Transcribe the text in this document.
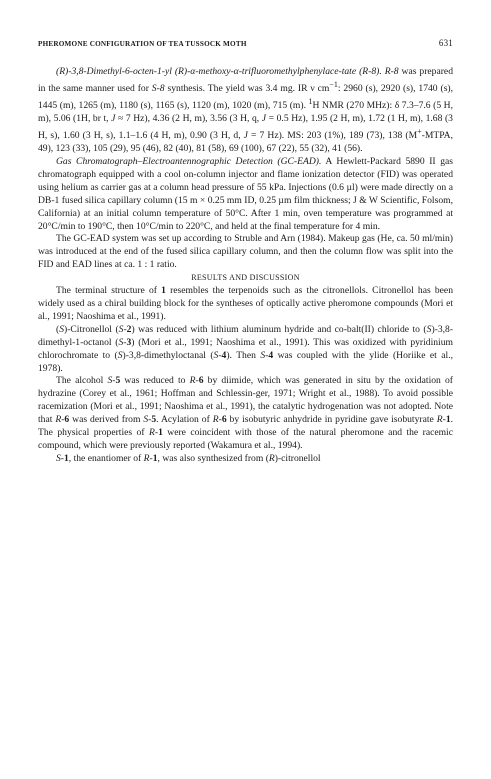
PHEROMONE CONFIGURATION OF TEA TUSSOCK MOTH	631

(R)-3,8-Dimethyl-6-octen-1-yl (R)-α-methoxy-α-trifluoromethylphenylace-tate (R-8). R-8 was prepared in the same manner used for S-8 synthesis. The yield was 3.4 mg. IR ν $cm^{-1}$: 2960 (s), 2920 (s), 1740 (s), 1445 (m), 1265 (m), 1180 (s), 1165 (s), 1120 (m), 1020 (m), 715 (m). $^1$H NMR (270 MHz): δ 7.3–7.6 (5 H, m), 5.06 (1H, br t, J ≈ 7 Hz), 4.36 (2 H, m), 3.56 (3 H, q, J = 0.5 Hz), 1.95 (2 H, m), 1.72 (1 H, m), 1.68 (3 H, s), 1.60 (3 H, s), 1.1–1.6 (4 H, m), 0.90 (3 H, d, J = 7 Hz). MS: 203 (1%), 189 (73), 138 (M+-MTPA, 49), 123 (33), 105 (29), 95 (46), 82 (40), 81 (58), 69 (100), 67 (22), 55 (32), 41 (56).

Gas Chromatograph–Electroantennographic Detection (GC-EAD). A Hewlett-Packard 5890 II gas chromatograph equipped with a cool on-column injector and flame ionization detector (FID) was operated using helium as carrier gas at a column head pressure of 55 kPa. Injections (0.6 µl) were made directly on a DB-1 fused silica capillary column (15 m × 0.25 mm ID, 0.25 µm film thickness; J & W Scientific, Folsom, California) at an initial column temperature of 50°C. After 1 min, oven temperature was programmed at 20°C/min to 190°C, then 10°C/min to 220°C, and held at the final temperature for 4 min.

The GC-EAD system was set up according to Struble and Arn (1984). Makeup gas (He, ca. 50 ml/min) was introduced at the end of the fused silica capillary column, and then the column flow was split into the FID and EAD lines at ca. 1 : 1 ratio.

RESULTS AND DISCUSSION

The terminal structure of 1 resembles the terpenoids such as the citronellols. Citronellol has been widely used as a chiral building block for the syntheses of optically active pheromone compounds (Mori et al., 1991; Naoshima et al., 1991).

(S)-Citronellol (S-2) was reduced with lithium aluminum hydride and co-balt(II) chloride to (S)-3,8-dimethyl-1-octanol (S-3) (Mori et al., 1991; Naoshima et al., 1991). This was oxidized with pyridinium chlorochromate to (S)-3,8-dimethyloctanal (S-4). Then S-4 was coupled with the ylide (Horiike et al., 1978).

The alcohol S-5 was reduced to R-6 by diimide, which was generated in situ by the oxidation of hydrazine (Corey et al., 1961; Hoffman and Schlessin-ger, 1971; Wright et al., 1988). To avoid possible racemization (Mori et al., 1991; Naoshima et al., 1991), the catalytic hydrogenation was not adopted. Note that R-6 was derived from S-5. Acylation of R-6 by isobutyric anhydride in pyridine gave isobutyrate R-1. The physical properties of R-1 were coincident with those of the natural pheromone and the racemic compound, which were previously reported (Wakamura et al., 1994).

S-1, the enantiomer of R-1, was also synthesized from (R)-citronellol
